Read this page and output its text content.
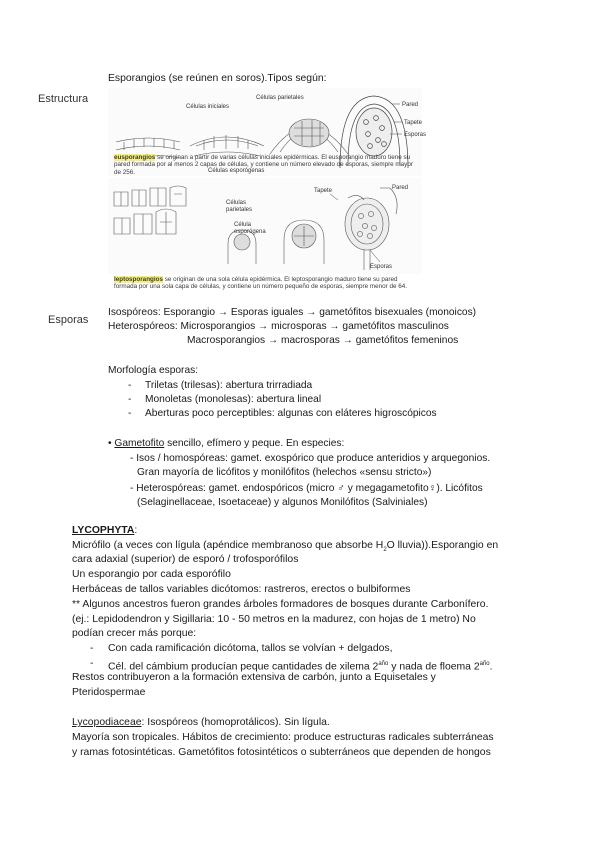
Esporangios (se reúnen en soros).Tipos según:
Estructura	Células parietales
Células iniciales
Células esporógenas
Pared
Tapete
Esporas
eusporangios se originan a partir de varias células iniciales epidérmicas. El eusporangio maduro tiene su pared formada por al menos 2 capas de células, y contiene un número elevado de esporas, siempre mayor de 256.
Pared
Tapete
Células parietales
Célula esporógena
Esporas
leptosporangios se originan de una sola célula epidérmica. El leptosporangio maduro tiene su pared formada por una sola capa de células, y contiene un número pequeño de esporas, siempre menor de 64.
Esporas
Isospóreos: Esporangio → Esporas iguales → gametófitos bisexuales (monoicos)
Heterospóreos: Microsporangios → microsporas → gametófitos masculinos
Macrosporangios → macrosporas → gametófitos femeninos
Morfología esporas:
- Triletas (trilesas): abertura trirradiada
- Monoletas (monolesas): abertura lineal
- Aberturas poco perceptibles: algunas con eláteres higroscópicos
• Gametofito sencillo, efímero y peque. En especies:
- Isos / homospóreas: gamet. exospórico que produce anteridios y arquegonios.
Gran mayoría de licófitos y monilófitos (helechos «sensu stricto»)
- Heterospóreas: gamet. endospóricos (micro ♂ y megagametofito♀). Licófitos
(Selaginellaceae, Isoetaceae) y algunos Monilófitos (Salviniales)
LYCOPHYTA:
Micrófilo (a veces con lígula (apéndice membranoso que absorbe $H_2O$ lluvia)).Esporangio en
cara adaxial (superior) de esporó / trofosporófilos
Un esporangio por cada esporófilo
Herbáceas de tallos variables dicótomos: rastreros, erectos o bulbiformes
** Algunos ancestros fueron grandes árboles formadores de bosques durante Carbonífero.
(ej.: Lepidodendron y Sigillaria: 10 - 50 metros en la madurez, con hojas de 1 metro) No
podían crecer más porque:
- Con cada ramificación dicótoma, tallos se volvían + delgados,
- Cél. del cámbium producían peque cantidades de xilema $2^{año}$ y nada de floema $2^{año}$.
Restos contribuyeron a la formación extensiva de carbón, junto a Equisetales y
Pteridospermae
Lycopodiaceae: Isospóreos (homoprotálicos). Sin lígula.
Mayoría son tropicales. Hábitos de crecimiento: produce estructuras radicales subterráneas
y ramas fotosintéticas. Gametófitos fotosintéticos o subterráneos que dependen de hongos
